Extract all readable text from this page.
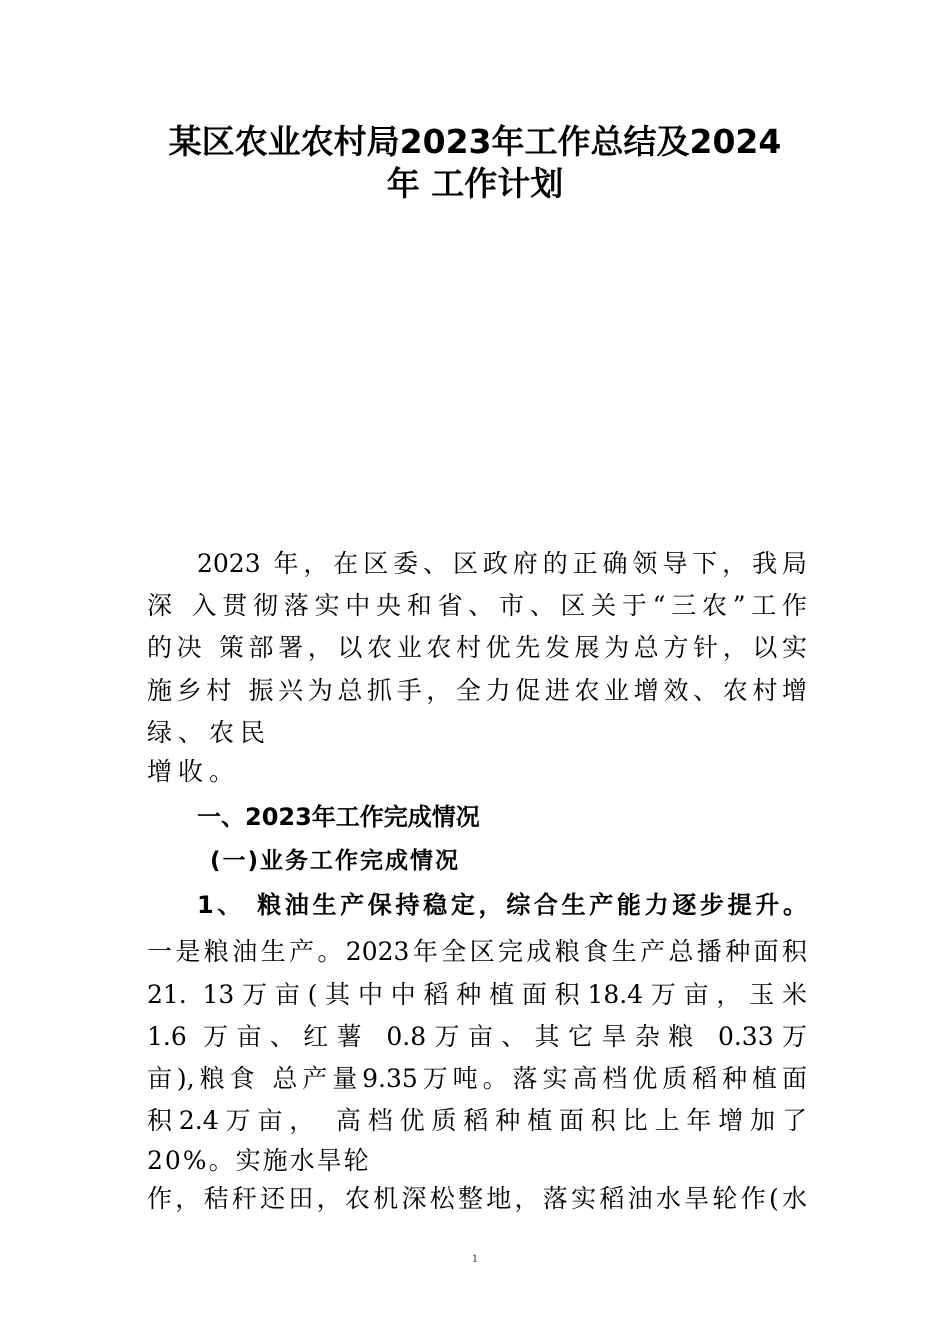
某区农业农村局2023年工作总结及2024
年 工作计划

2023 年，在区委、区政府的正确领导下，我局

深 入贯彻落实中央和省、市、区关于“三农”工作

的决 策部署，以农业农村优先发展为总方针，以实

施乡村 振兴为总抓手，全力促进农业增效、农村增

绿、农民

增收。

一、2023年工作完成情况

(一)业务工作完成情况

1、 粮油生产保持稳定，综合生产能力逐步提升。

一是粮油生产。2023年全区完成粮食生产总播种面积

21. 13万亩(其中中稻种植面积18.4万亩，玉米

1.6 万亩、红薯 0.8万亩、其它旱杂粮 0.33万

亩),粮食 总产量9.35万吨。落实高档优质稻种植面

积2.4万亩， 高档优质稻种植面积比上年增加了

20%。实施水旱轮

作，秸秆还田，农机深松整地，落实稻油水旱轮作(水

1
